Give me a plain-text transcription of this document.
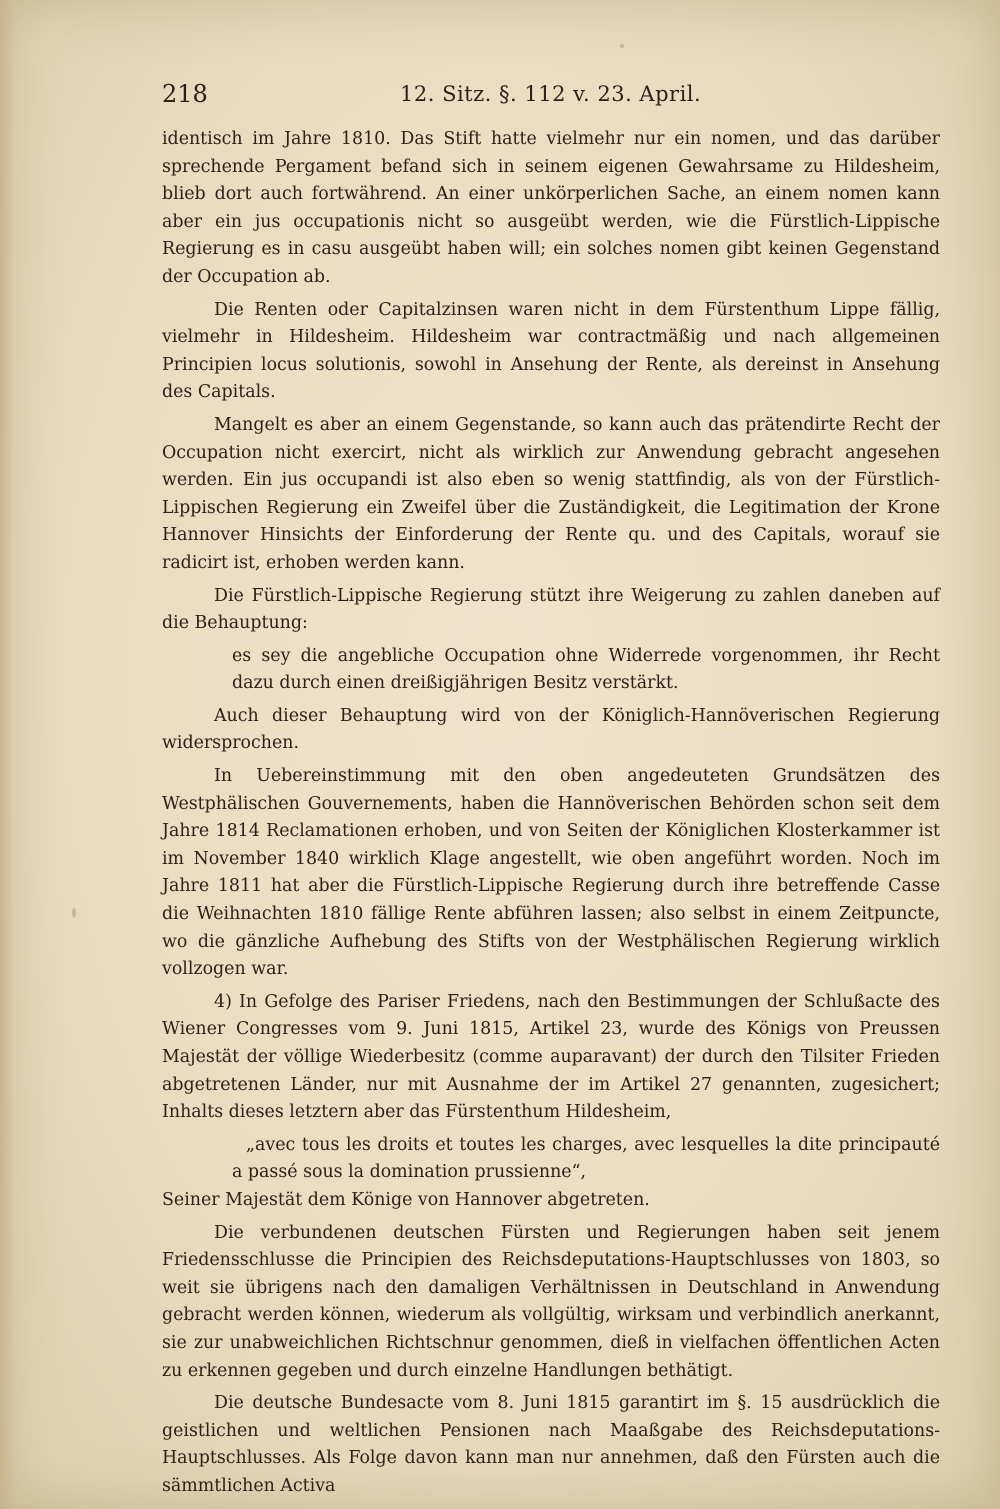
218	12. Sitz. §. 112 v. 23. April.

identisch im Jahre 1810. Das Stift hatte vielmehr nur ein nomen, und das darüber sprechende Pergament befand sich in seinem eigenen Gewahrsame zu Hildesheim, blieb dort auch fortwährend. An einer unkörperlichen Sache, an einem nomen kann aber ein jus occupationis nicht so ausgeübt werden, wie die Fürstlich-Lippische Regierung es in casu ausgeübt haben will; ein solches nomen gibt keinen Gegenstand der Occupation ab.

Die Renten oder Capitalzinsen waren nicht in dem Fürstenthum Lippe fällig, vielmehr in Hildesheim. Hildesheim war contractmäßig und nach allgemeinen Principien locus solutionis, sowohl in Ansehung der Rente, als dereinst in Ansehung des Capitals.

Mangelt es aber an einem Gegenstande, so kann auch das prätendirte Recht der Occupation nicht exercirt, nicht als wirklich zur Anwendung gebracht angesehen werden. Ein jus occupandi ist also eben so wenig stattfindig, als von der Fürstlich-Lippischen Regierung ein Zweifel über die Zuständigkeit, die Legitimation der Krone Hannover Hinsichts der Einforderung der Rente qu. und des Capitals, worauf sie radicirt ist, erhoben werden kann.

Die Fürstlich-Lippische Regierung stützt ihre Weigerung zu zahlen daneben auf die Behauptung:

es sey die angebliche Occupation ohne Widerrede vorgenommen, ihr Recht dazu durch einen dreißigjährigen Besitz verstärkt.

Auch dieser Behauptung wird von der Königlich-Hannöverischen Regierung widersprochen.

In Uebereinstimmung mit den oben angedeuteten Grundsätzen des Westphälischen Gouvernements, haben die Hannöverischen Behörden schon seit dem Jahre 1814 Reclamationen erhoben, und von Seiten der Königlichen Klosterkammer ist im November 1840 wirklich Klage angestellt, wie oben angeführt worden. Noch im Jahre 1811 hat aber die Fürstlich-Lippische Regierung durch ihre betreffende Casse die Weihnachten 1810 fällige Rente abführen lassen; also selbst in einem Zeitpuncte, wo die gänzliche Aufhebung des Stifts von der Westphälischen Regierung wirklich vollzogen war.

4) In Gefolge des Pariser Friedens, nach den Bestimmungen der Schlußacte des Wiener Congresses vom 9. Juni 1815, Artikel 23, wurde des Königs von Preussen Majestät der völlige Wiederbesitz (comme auparavant) der durch den Tilsiter Frieden abgetretenen Länder, nur mit Ausnahme der im Artikel 27 genannten, zugesichert; Inhalts dieses letztern aber das Fürstenthum Hildesheim,

„avec tous les droits et toutes les charges, avec lesquelles la dite principauté a passé sous la domination prussienne“,

Seiner Majestät dem Könige von Hannover abgetreten.

Die verbundenen deutschen Fürsten und Regierungen haben seit jenem Friedensschlusse die Principien des Reichsdeputations-Hauptschlusses von 1803, so weit sie übrigens nach den damaligen Verhältnissen in Deutschland in Anwendung gebracht werden können, wiederum als vollgültig, wirksam und verbindlich anerkannt, sie zur unabweichlichen Richtschnur genommen, dieß in vielfachen öffentlichen Acten zu erkennen gegeben und durch einzelne Handlungen bethätigt.

Die deutsche Bundesacte vom 8. Juni 1815 garantirt im §. 15 ausdrücklich die geistlichen und weltlichen Pensionen nach Maaßgabe des Reichsdeputations-Hauptschlusses. Als Folge davon kann man nur annehmen, daß den Fürsten auch die sämmtlichen Activa
